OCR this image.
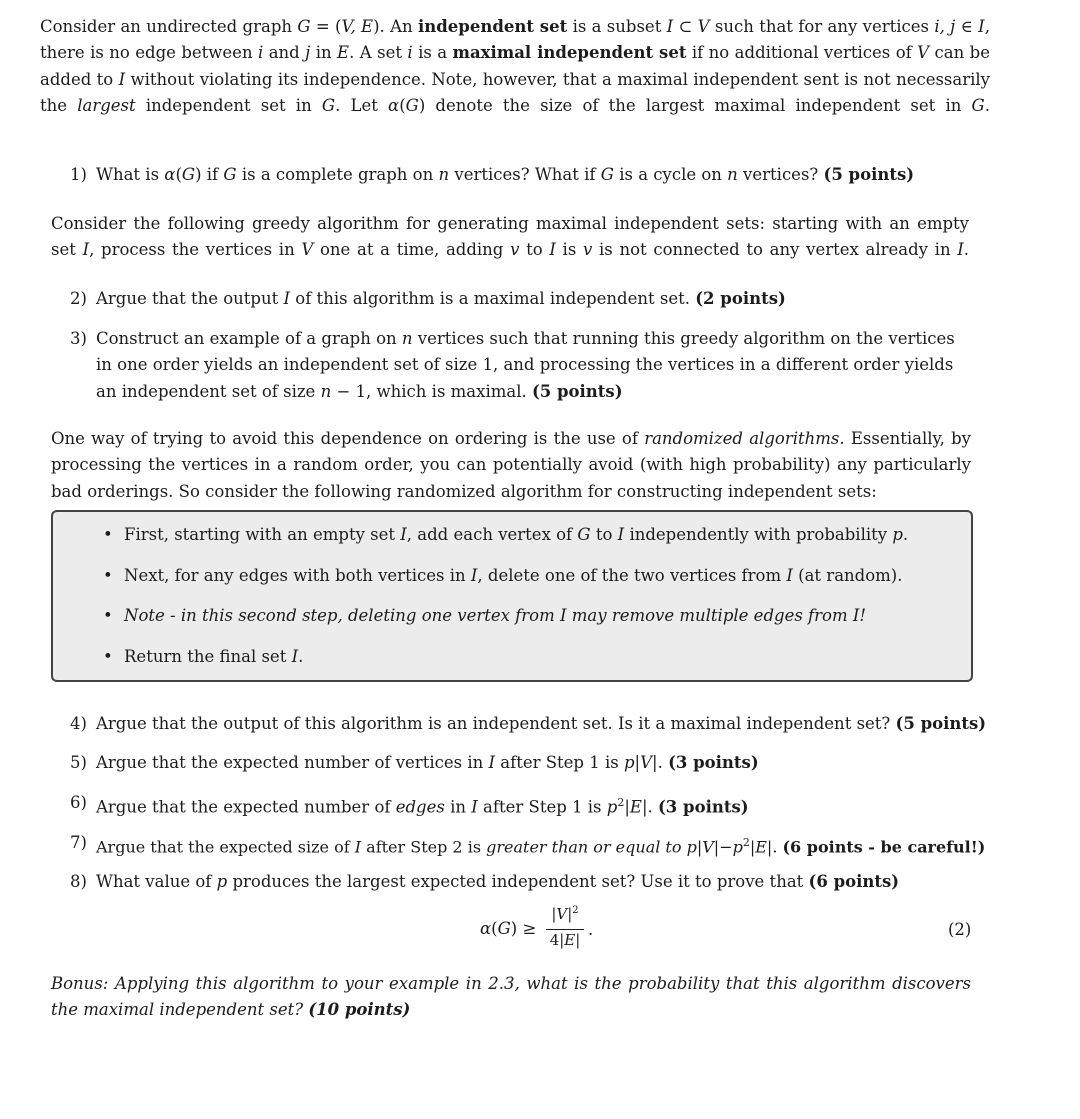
Consider an undirected graph G = (V, E). An independent set is a subset I ⊂ V such that for any vertices i, j ∈ I, there is no edge between i and j in E. A set i is a maximal independent set if no additional vertices of V can be added to I without violating its independence. Note, however, that a maximal independent sent is not necessarily the largest independent set in G. Let α(G) denote the size of the largest maximal independent set in G.
1) What is α(G) if G is a complete graph on n vertices? What if G is a cycle on n vertices? (5 points)
Consider the following greedy algorithm for generating maximal independent sets: starting with an empty set I, process the vertices in V one at a time, adding v to I is v is not connected to any vertex already in I.
2) Argue that the output I of this algorithm is a maximal independent set. (2 points)
3) Construct an example of a graph on n vertices such that running this greedy algorithm on the vertices in one order yields an independent set of size 1, and processing the vertices in a different order yields an independent set of size n − 1, which is maximal. (5 points)
One way of trying to avoid this dependence on ordering is the use of randomized algorithms. Essentially, by processing the vertices in a random order, you can potentially avoid (with high probability) any particularly bad orderings. So consider the following randomized algorithm for constructing independent sets:
• First, starting with an empty set I, add each vertex of G to I independently with probability p.
• Next, for any edges with both vertices in I, delete one of the two vertices from I (at random).
• Note - in this second step, deleting one vertex from I may remove multiple edges from I!
• Return the final set I.
4) Argue that the output of this algorithm is an independent set. Is it a maximal independent set? (5 points)
5) Argue that the expected number of vertices in I after Step 1 is p|V|. (3 points)
6) Argue that the expected number of edges in I after Step 1 is $p^2|E|$. (3 points)
7) Argue that the expected size of I after Step 2 is greater than or equal to $p|V|-p^2|E|$. (6 points - be careful!)
8) What value of p produces the largest expected independent set? Use it to prove that (6 points)
α(G) ≥
$|V|^2$
4|E|
.	(2)
Bonus: Applying this algorithm to your example in 2.3, what is the probability that this algorithm discovers the maximal independent set? (10 points)
